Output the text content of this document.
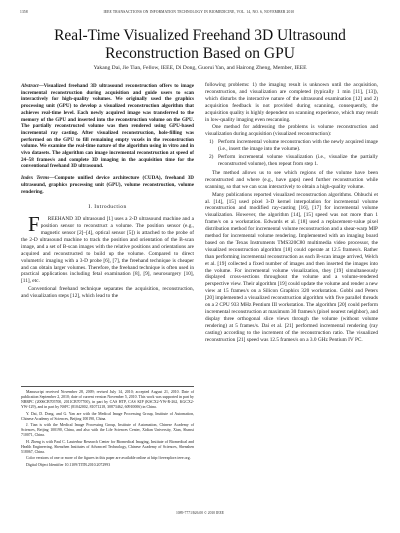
1358	IEEE TRANSACTIONS ON INFORMATION TECHNOLOGY IN BIOMEDICINE, VOL. 14, NO. 6, NOVEMBER 2010
Real-Time Visualized Freehand 3D Ultrasound Reconstruction Based on GPU
Yakang Dai, Jie Tian, Fellow, IEEE, Di Dong, Guorui Yan, and Hairong Zheng, Member, IEEE
Abstract—Visualized freehand 3D ultrasound reconstruction offers to image incremental reconstruction during acquisition and guide users to scan interactively for high-quality volumes. We originally used the graphics processing unit (GPU) to develop a visualized reconstruction algorithm that achieves real-time level. Each newly acquired image was transferred to the memory of the GPU and inserted into the reconstruction volume on the GPU. The partially reconstructed volume was then rendered using GPU-based incremental ray casting. After visualized reconstruction, hole-filling was performed on the GPU to fill remaining empty voxels in the reconstruction volume. We examine the real-time nature of the algorithm using in vitro and in vivo datasets. The algorithm can image incremental reconstruction at speed of 24–58 frames/s and complete 3D imaging in the acquisition time for the conventional freehand 3D ultrasound.
Index Terms—Compute unified device architecture (CUDA), freehand 3D ultrasound, graphics processing unit (GPU), volume reconstruction, volume rendering.
I. Introduction

F REEHAND 3D ultrasound [1] uses a 2-D ultrasound machine and a position sensor to reconstruct a volume. The position sensor (e.g., magnetic sensor [2]–[4], optical sensor [5]) is attached to the probe of the 2-D ultrasound machine to track the position and orientation of the B-scan image, and a set of B-scan images with the relative positions and orientations are acquired and reconstructed to build up the volume. Compared to direct volumetric imaging with a 3-D probe [6], [7], the freehand technique is cheaper and can obtain larger volumes. Therefore, the freehand technique is often used in practical applications including fetal examination [8], [9], neurosurgery [10], [11], etc.

Conventional freehand technique separates the acquisition, reconstruction, and visualization steps [12], which lead to the

Manuscript received November 28, 2009; revised July 14, 2010; accepted August 21, 2010. Date of publication September 2, 2010; date of current version November 5, 2010. This work was supported in part by NBRPC (2006CB705700, 2011CB707700), in part by CAS HTP, CAS KIP (KSCX2-YW-R-262, KGCX2-YW-129), and in part by NSFC (81042002, 81071218, 30873462, 60910006) in China.

Y. Dai, D. Dong, and G. Yan are with the Medical Image Processing Group, Institute of Automation, Chinese Academy of Sciences, Beijing 100190, China.

J. Tian is with the Medical Image Processing Group, Institute of Automation, Chinese Academy of Sciences, Beijing 100190, China, and also with the Life Sciences Center, Xidian University, Xian, Shanxi 710071, China.

H. Zheng is with Paul C. Lauterbur Research Center for Biomedical Imaging, Institute of Biomedical and Health Engineering, Shenzhen Institutes of Advanced Technology, Chinese Academy of Sciences, Shenzhen 518067, China.

Color versions of one or more of the figures in this paper are available online at http://ieeexplore.ieee.org.

Digital Object Identifier 10.1109/TITB.2010.2072993

following problems: 1) the imaging result is unknown until the acquisition, reconstruction, and visualization are completed (typically 1 min [11], [13]), which disturbs the interactive nature of the ultrasound examination [12] and 2) acquisition feedback is not provided during scanning, consequently, the acquisition quality is highly dependent on scanning experience, which may result in low-quality imaging even rescanning.

One method for addressing the problems is volume reconstruction and visualization during acquisition (visualized reconstruction):

1) Perform incremental volume reconstruction with the newly acquired image (i.e., insert the image into the volume).
2) Perform incremental volume visualization (i.e., visualize the partially reconstructed volume), then repeat from step 1.

The method allows us to see which regions of the volume have been reconstructed and where (e.g., have gaps) need further reconstruction while scanning, so that we can scan interactively to obtain a high-quality volume.

Many publications reported visualized reconstruction algorithms. Ohbuchi et al. [14], [15] used pixel 3-D kernel interpolation for incremental volume reconstruction and modified ray-casting [16], [17] for incremental volume visualization. However, the algorithm [14], [15] speed was not more than 1 frame/s on a workstation. Edwards et al. [18] used a replacement-value pixel distribution method for incremental volume reconstruction and a shear-warp MIP method for incremental volume rendering. Implemented with an imaging board based on the Texas Instruments TMS320C80 multimedia video processor, the visualized reconstruction algorithm [18] could operate at 12.5 frames/s. Rather than performing incremental reconstruction as each B-scan image arrived, Welch et al. [19] collected a fixed number of images and then inserted the images into the volume. For incremental volume visualization, they [19] simultaneously displayed cross-sections throughout the volume and a volume-rendered perspective view. Their algorithm [19] could update the volume and render a new view at 15 frames/s on a Silicon Graphics 320 workstation. Gobbi and Peters [20] implemented a visualized reconstruction algorithm with five parallel threads on a 2 CPU 933 MHz Pentium III workstation. The algorithm [20] could perform incremental reconstruction at maximum 30 frames/s (pixel nearest neighbor), and display three orthogonal slice views through the volume (without volume rendering) at 5 frames/s. Dai et al. [21] performed incremental rendering (ray casting) according to the increment of the reconstruction ratio. The visualized reconstruction [21] speed was 12.5 frames/s on a 3.0 GHz Pentium IV PC.

1089-7771/$26.00 © 2010 IEEE
